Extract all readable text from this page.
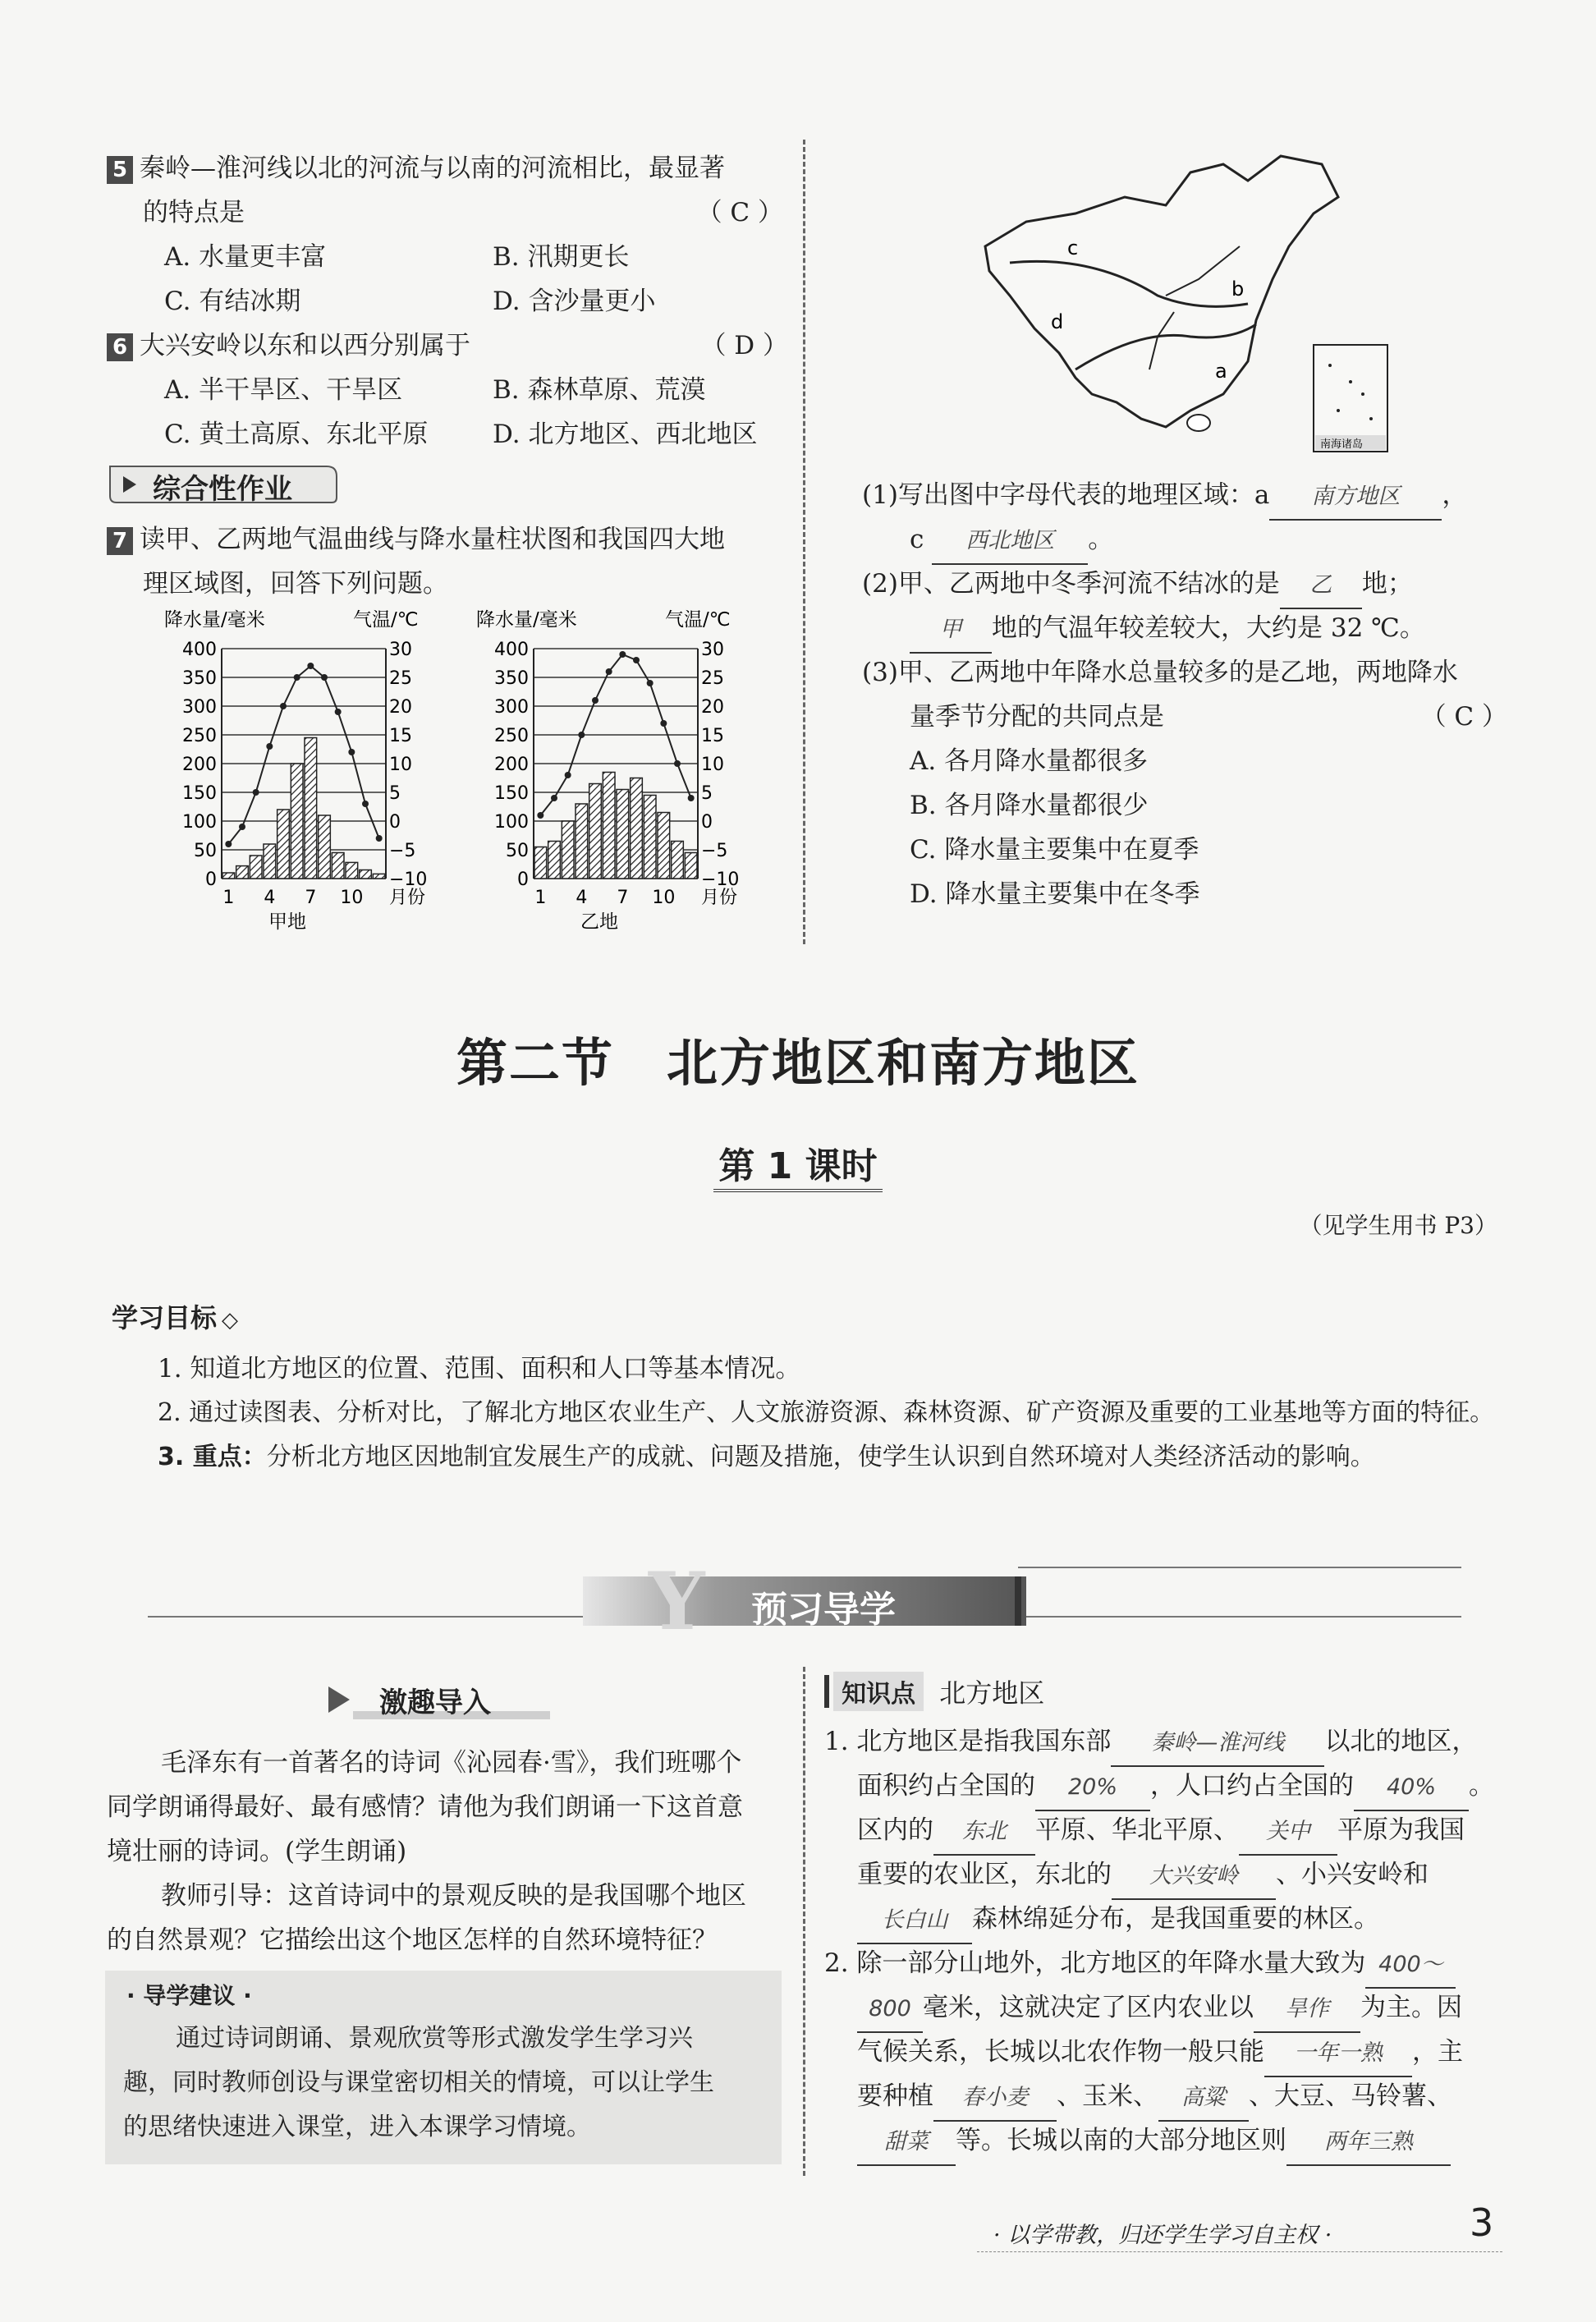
5 秦岭—淮河线以北的河流与以南的河流相比，最显著
的特点是	（ C ）
A. 水量更丰富	B. 汛期更长
C. 有结冰期	D. 含沙量更小
6 大兴安岭以东和以西分别属于	（ D ）
A. 半干旱区、干旱区	B. 森林草原、荒漠
C. 黄土高原、东北平原	D. 北方地区、西北地区
综合性作业
7 读甲、乙两地气温曲线与降水量柱状图和我国四大地
理区域图，回答下列问题。
降水量/毫米	气温/℃
400	30
350	25
300	20
250	15
200	10
150	5
100	0
50	−5
0	−10
1 4 7 10 月份
甲地
降水量/毫米	气温/℃
400	30
350	25
300	20
250	15
200	10
150	5
100	0
50	−5
0	−10
1 4 7 10 月份
乙地
c
b
d
a
南海诸岛
(1)写出图中字母代表的地理区域：a 南方地区 ，
c 西北地区 。
(2)甲、乙两地中冬季河流不结冰的是 乙 地；
甲 地的气温年较差较大，大约是 32 ℃。
(3)甲、乙两地中年降水总量较多的是乙地，两地降水
量季节分配的共同点是	（ C ）
A. 各月降水量都很多
B. 各月降水量都很少
C. 降水量主要集中在夏季
D. 降水量主要集中在冬季
第二节　北方地区和南方地区
第 1 课时
（见学生用书 P3）
学习目标 ◇
1. 知道北方地区的位置、范围、面积和人口等基本情况。
2. 通过读图表、分析对比，了解北方地区农业生产、人文旅游资源、森林资源、矿产资源及重要的工业基地等方面的特征。
3. 重点：分析北方地区因地制宜发展生产的成就、问题及措施，使学生认识到自然环境对人类经济活动的影响。
Y 预习导学
激趣导入
毛泽东有一首著名的诗词《沁园春·雪》，我们班哪个
同学朗诵得最好、最有感情？请他为我们朗诵一下这首意
境壮丽的诗词。(学生朗诵)
教师引导：这首诗词中的景观反映的是我国哪个地区
的自然景观？它描绘出这个地区怎样的自然环境特征？
· 导学建议 ·
通过诗词朗诵、景观欣赏等形式激发学生学习兴
趣，同时教师创设与课堂密切相关的情境，可以让学生
的思绪快速进入课堂，进入本课学习情境。
知识点 北方地区
1. 北方地区是指我国东部 秦岭—淮河线 以北的地区，
面积约占全国的 20% ，人口约占全国的 40% 。
区内的 东北 平原、华北平原、 关中 平原为我国
重要的农业区，东北的 大兴安岭 、小兴安岭和
长白山 森林绵延分布，是我国重要的林区。
2. 除一部分山地外，北方地区的年降水量大致为 400～
800 毫米，这就决定了区内农业以 旱作 为主。因
气候关系，长城以北农作物一般只能 一年一熟 ，主
要种植 春小麦 、玉米、 高粱 、大豆、马铃薯、
甜菜 等。长城以南的大部分地区则 两年三熟
· 以学带教，归还学生学习自主权 ·	3
